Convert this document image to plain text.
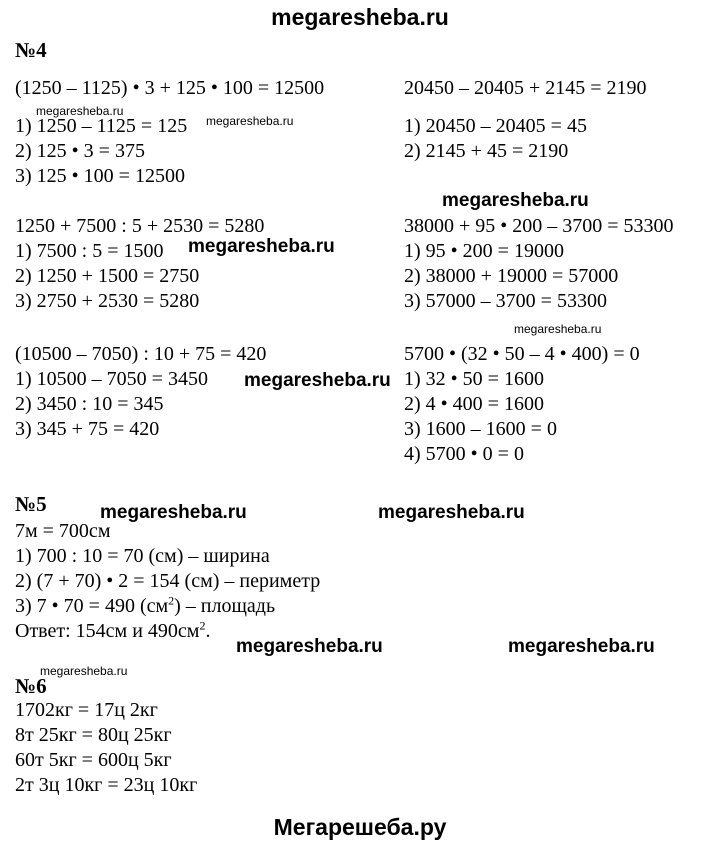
megaresheba.ru
Мегарешеба.ру
№4
(1250 – 1125) • 3 + 125 • 100 = 12500
1) 1250 – 1125 = 125
2) 125 • 3 = 375
3) 125 • 100 = 12500
20450 – 20405 + 2145 = 2190
1) 20450 – 20405 = 45
2) 2145 + 45 = 2190
1250 + 7500 : 5 + 2530 = 5280
1) 7500 : 5 = 1500
2) 1250 + 1500 = 2750
3) 2750 + 2530 = 5280
38000 + 95 • 200 – 3700 = 53300
1) 95 • 200 = 19000
2) 38000 + 19000 = 57000
3) 57000 – 3700 = 53300
(10500 – 7050) : 10 + 75 = 420
1) 10500 – 7050 = 3450
2) 3450 : 10 = 345
3) 345 + 75 = 420
5700 • (32 • 50 – 4 • 400) = 0
1) 32 • 50 = 1600
2) 4 • 400 = 1600
3) 1600 – 1600 = 0
4) 5700 • 0 = 0
№5
7м = 700см
1) 700 : 10 = 70 (см) – ширина
2) (7 + 70) • 2 = 154 (см) – периметр
3) 7 • 70 = 490 $(см^2)$ – площадь
Ответ: 154см и $490см^2$.
№6
1702кг = 17ц 2кг
8т 25кг = 80ц 25кг
60т 5кг = 600ц 5кг
2т 3ц 10кг = 23ц 10кг
megaresheba.ru
megaresheba.ru
megaresheba.ru
megaresheba.ru
megaresheba.ru
megaresheba.ru
megaresheba.ru	megaresheba.ru
megaresheba.ru	megaresheba.ru
megaresheba.ru
